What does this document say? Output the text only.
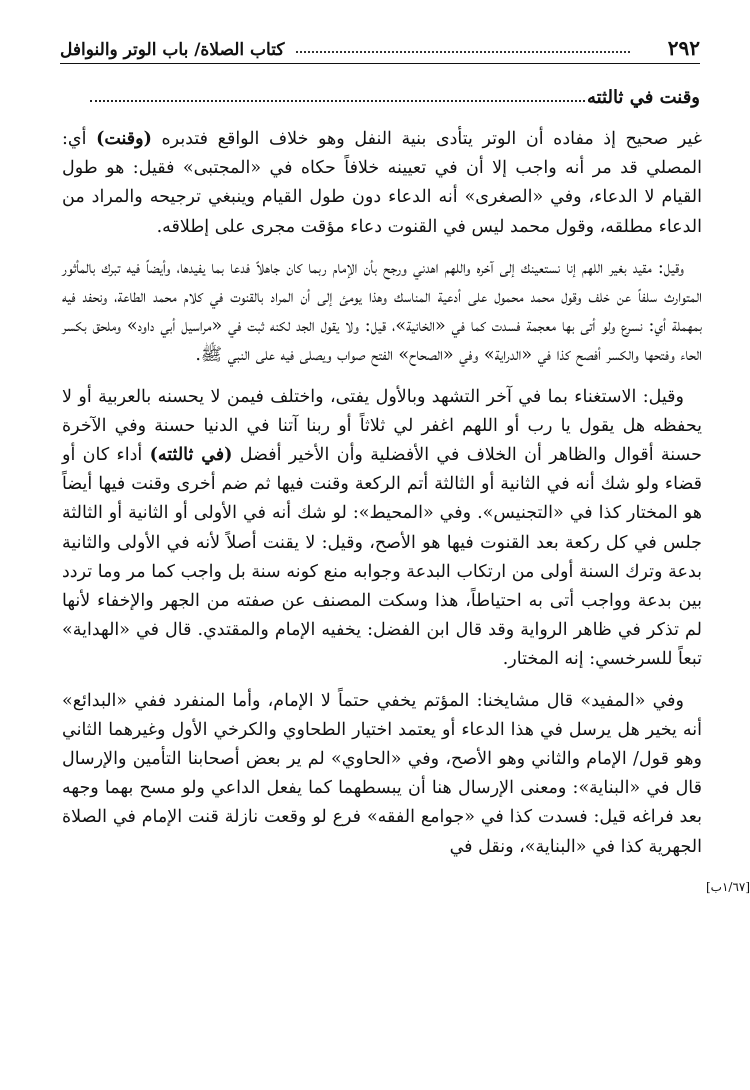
٢٩٢
كتاب الصلاة/ باب الوتر والنوافل
وقنت في ثالثته

غير صحيح إذ مفاده أن الوتر يتأدى بنية النفل وهو خلاف الواقع فتدبره (وقنت) أي: المصلي قد مر أنه واجب إلا أن في تعيينه خلافاً حكاه في «المجتبى» فقيل: هو طول القيام لا الدعاء، وفي «الصغرى» أنه الدعاء دون طول القيام وينبغي ترجيحه والمراد من الدعاء مطلقه، وقول محمد ليس في القنوت دعاء مؤقت مجرى على إطلاقه.

وقيل: مقيد بغير اللهم إنا نستعينك إلى آخره واللهم اهدني ورجح بأن الإمام ربما كان جاهلاً فدعا بما يفيدها، وأيضاً فيه تبرك بالمأثور المتوارث سلفاً عن خلف وقول محمد محمول على أدعية المناسك وهذا يومئ إلى أن المراد بالقنوت في كلام محمد الطاعة، ونحفد فيه بمهملة أي: نسرع ولو أتى بها معجمة فسدت كما في «الخانية»، قيل: ولا يقول الجد لكنه ثبت في «مراسيل أبي داود» وملحق بكسر الحاء وفتحها والكسر أفصح كذا في «الدراية» وفي «الصحاح» الفتح صواب ويصلى فيه على النبي ﷺ.

وقيل: الاستغناء بما في آخر التشهد وبالأول يفتى، واختلف فيمن لا يحسنه بالعربية أو لا يحفظه هل يقول يا رب أو اللهم اغفر لي ثلاثاً أو ربنا آتنا في الدنيا حسنة وفي الآخرة حسنة أقوال والظاهر أن الخلاف في الأفضلية وأن الأخير أفضل (في ثالثته) أداء كان أو قضاء ولو شك أنه في الثانية أو الثالثة أتم الركعة وقنت فيها ثم ضم أخرى وقنت فيها أيضاً هو المختار كذا في «التجنيس». وفي «المحيط»: لو شك أنه في الأولى أو الثانية أو الثالثة جلس في كل ركعة بعد القنوت فيها هو الأصح، وقيل: لا يقنت أصلاً لأنه في الأولى والثانية بدعة وترك السنة أولى من ارتكاب البدعة وجوابه منع كونه سنة بل واجب كما مر وما تردد بين بدعة وواجب أتى به احتياطاً، هذا وسكت المصنف عن صفته من الجهر والإخفاء لأنها لم تذكر في ظاهر الرواية وقد قال ابن الفضل: يخفيه الإمام والمقتدي. قال في «الهداية» تبعاً للسرخسي: إنه المختار.

وفي «المفيد» قال مشايخنا: المؤتم يخفي حتماً لا الإمام، وأما المنفرد ففي «البدائع» أنه يخير هل يرسل في هذا الدعاء أو يعتمد اختيار الطحاوي والكرخي الأول وغيرهما الثاني وهو قول/ الإمام والثاني وهو الأصح، وفي «الحاوي» لم ير بعض أصحابنا التأمين والإرسال قال في «البناية»: ومعنى الإرسال هنا أن يبسطهما كما يفعل الداعي ولو مسح بهما وجهه بعد فراغه قيل: فسدت كذا في «جوامع الفقه» فرع لو وقعت نازلة قنت الإمام في الصلاة الجهرية كذا في «البناية»، ونقل في

[١/٦٧ب]
